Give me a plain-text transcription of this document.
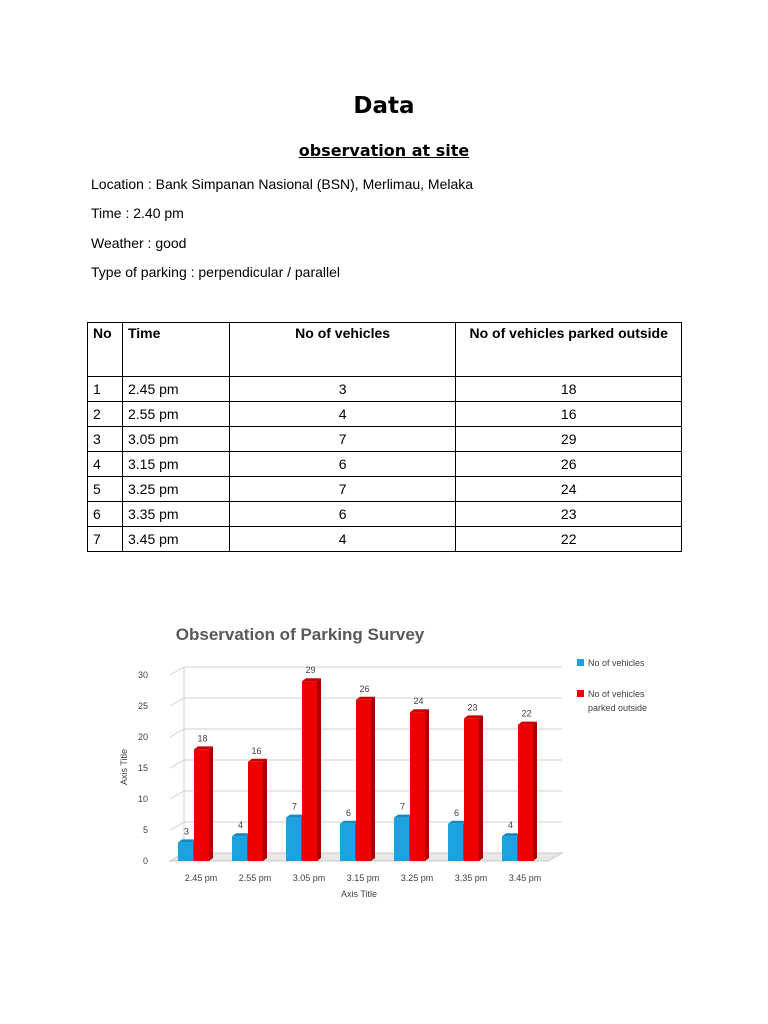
Data
observation at site
Location : Bank Simpanan Nasional (BSN), Merlimau, Melaka
Time : 2.40 pm
Weather : good
Type of parking : perpendicular / parallel
No	Time	No of vehicles	No of vehicles parked outside
1	2.45 pm	3	18
2	2.55 pm	4	16
3	3.05 pm	7	29
4	3.15 pm	6	26
5	3.25 pm	7	24
6	3.35 pm	6	23
7	3.45 pm	4	22
Observation of Parking Survey
0
5
10
15
20
25
30
3
18
2.45 pm
4
16
2.55 pm
7
29
3.05 pm
6
26
3.15 pm
7
24
3.25 pm
6
23
3.35 pm
4
22
3.45 pm
Axis Title
Axis Title
No of vehicles
No of vehicles parked outside
